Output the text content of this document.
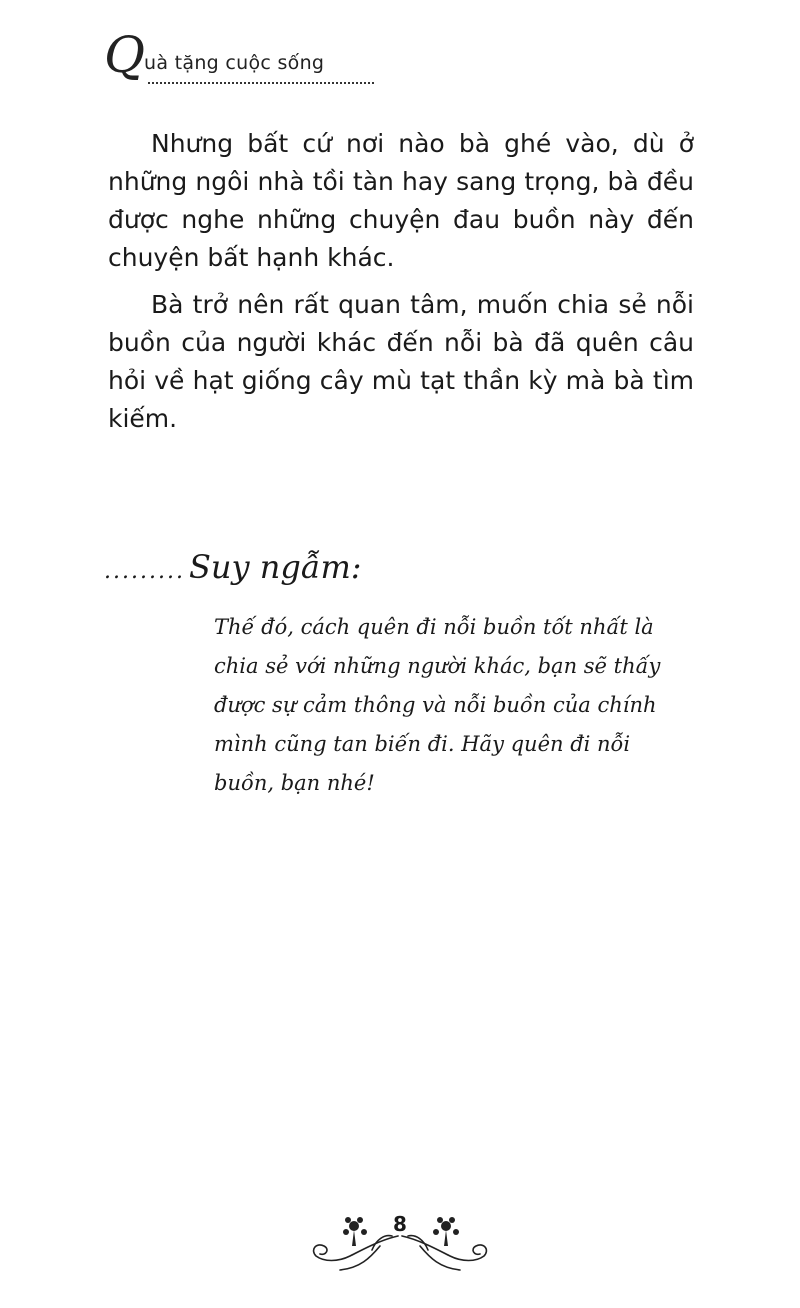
Q uà tặng cuộc sống
Nhưng bất cứ nơi nào bà ghé vào, dù ở những ngôi nhà tồi tàn hay sang trọng, bà đều được nghe những chuyện đau buồn này đến chuyện bất hạnh khác.
Bà trở nên rất quan tâm, muốn chia sẻ nỗi buồn của người khác đến nỗi bà đã quên câu hỏi về hạt giống cây mù tạt thần kỳ mà bà tìm kiếm.
......... Suy ngẫm:
Thế đó, cách quên đi nỗi buồn tốt nhất là chia sẻ với những người khác, bạn sẽ thấy được sự cảm thông và nỗi buồn của chính mình cũng tan biến đi. Hãy quên đi nỗi buồn, bạn nhé!
8
